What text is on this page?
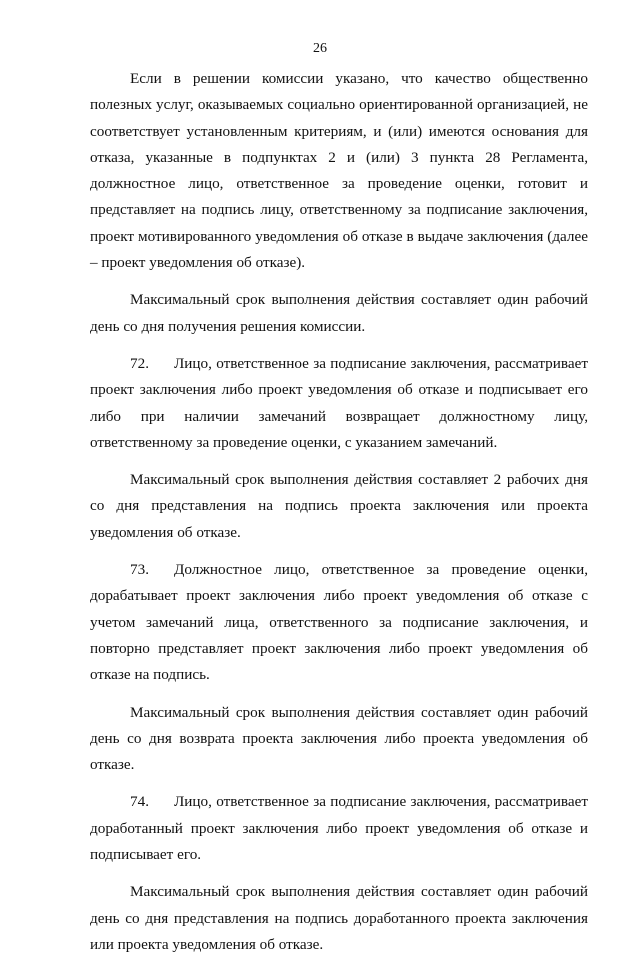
26

Если в решении комиссии указано, что качество общественно полезных услуг, оказываемых социально ориентированной организацией, не соответствует установленным критериям, и (или) имеются основания для отказа, указанные в подпунктах 2 и (или) 3 пункта 28 Регламента, должностное лицо, ответственное за проведение оценки, готовит и представляет на подпись лицу, ответственному за подписание заключения, проект мотивированного уведомления об отказе в выдаче заключения (далее – проект уведомления об отказе).

Максимальный срок выполнения действия составляет один рабочий день со дня получения решения комиссии.

72. Лицо, ответственное за подписание заключения, рассматривает проект заключения либо проект уведомления об отказе и подписывает его либо при наличии замечаний возвращает должностному лицу, ответственному за проведение оценки, с указанием замечаний.

Максимальный срок выполнения действия составляет 2 рабочих дня со дня представления на подпись проекта заключения или проекта уведомления об отказе.

73. Должностное лицо, ответственное за проведение оценки, дорабатывает проект заключения либо проект уведомления об отказе с учетом замечаний лица, ответственного за подписание заключения, и повторно представляет проект заключения либо проект уведомления об отказе на подпись.

Максимальный срок выполнения действия составляет один рабочий день со дня возврата проекта заключения либо проекта уведомления об отказе.

74. Лицо, ответственное за подписание заключения, рассматривает доработанный проект заключения либо проект уведомления об отказе и подписывает его.

Максимальный срок выполнения действия составляет один рабочий день со дня представления на подпись доработанного проекта заключения или проекта уведомления об отказе.
